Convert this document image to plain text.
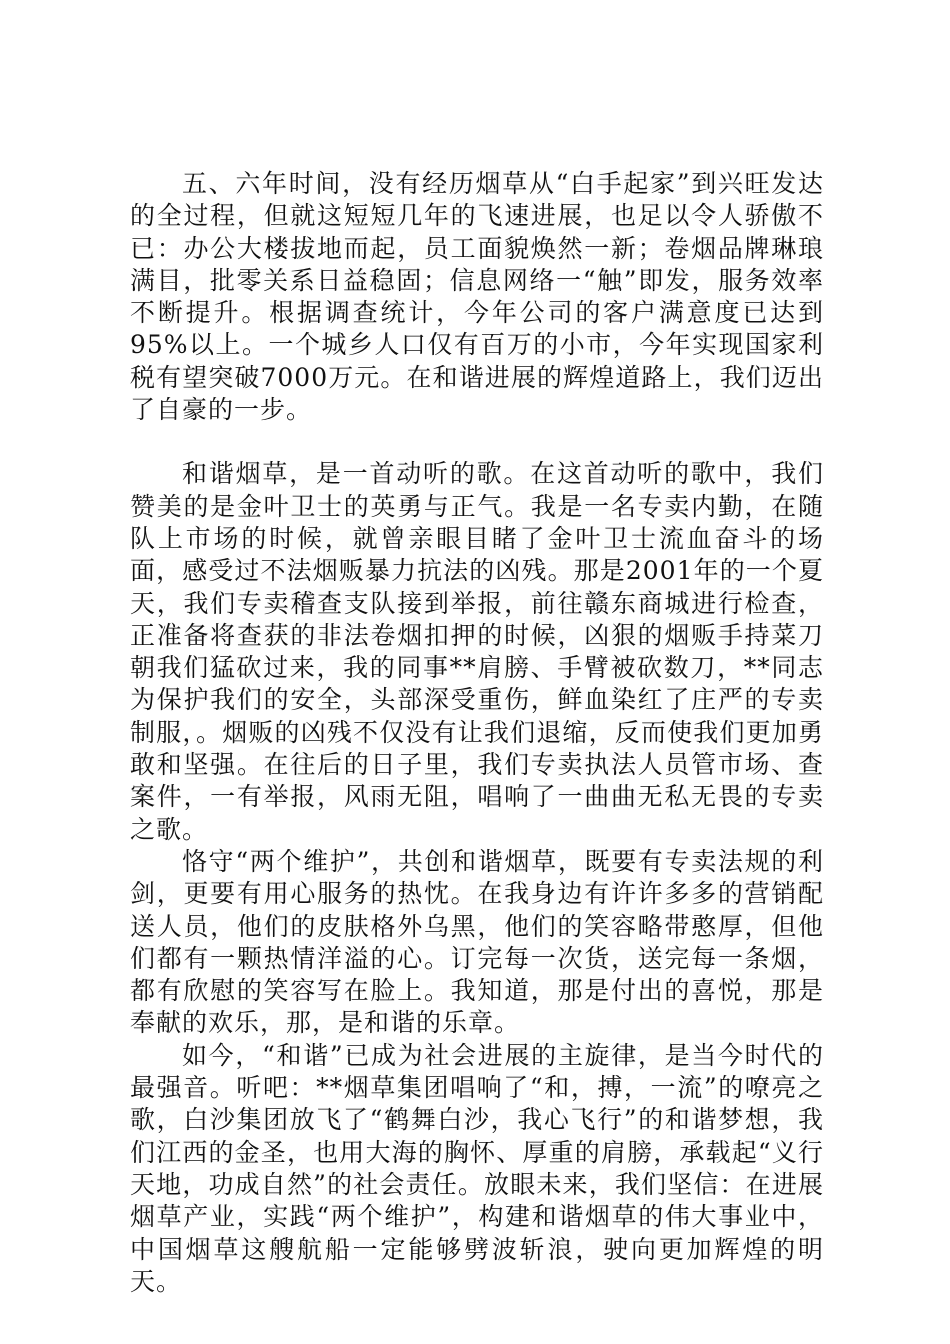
五、六年时间，没有经历烟草从“白手起家”到兴旺发达的全过程，但就这短短几年的飞速进展，也足以令人骄傲不已：办公大楼拔地而起，员工面貌焕然一新；卷烟品牌琳琅满目，批零关系日益稳固；信息网络一“触”即发，服务效率不断提升。根据调查统计，今年公司的客户满意度已达到95%以上。一个城乡人口仅有百万的小市，今年实现国家利税有望突破7000万元。在和谐进展的辉煌道路上，我们迈出了自豪的一步。

和谐烟草，是一首动听的歌。在这首动听的歌中，我们赞美的是金叶卫士的英勇与正气。我是一名专卖内勤，在随队上市场的时候，就曾亲眼目睹了金叶卫士流血奋斗的场面，感受过不法烟贩暴力抗法的凶残。那是2001年的一个夏天，我们专卖稽查支队接到举报，前往赣东商城进行检查，正准备将查获的非法卷烟扣押的时候，凶狠的烟贩手持菜刀朝我们猛砍过来，我的同事**肩膀、手臂被砍数刀，**同志为保护我们的安全，头部深受重伤，鲜血染红了庄严的专卖制服，。烟贩的凶残不仅没有让我们退缩，反而使我们更加勇敢和坚强。在往后的日子里，我们专卖执法人员管市场、查案件，一有举报，风雨无阻，唱响了一曲曲无私无畏的专卖之歌。

恪守“两个维护”，共创和谐烟草，既要有专卖法规的利剑，更要有用心服务的热忱。在我身边有许许多多的营销配送人员，他们的皮肤格外乌黑，他们的笑容略带憨厚，但他们都有一颗热情洋溢的心。订完每一次货，送完每一条烟，都有欣慰的笑容写在脸上。我知道，那是付出的喜悦，那是奉献的欢乐，那，是和谐的乐章。

如今，“和谐”已成为社会进展的主旋律，是当今时代的最强音。听吧：**烟草集团唱响了“和，搏，一流”的嘹亮之歌，白沙集团放飞了“鹤舞白沙，我心飞行”的和谐梦想，我们江西的金圣，也用大海的胸怀、厚重的肩膀，承载起“义行天地，功成自然”的社会责任。放眼未来，我们坚信：在进展烟草产业，实践“两个维护”，构建和谐烟草的伟大事业中，中国烟草这艘航船一定能够劈波斩浪，驶向更加辉煌的明天。
